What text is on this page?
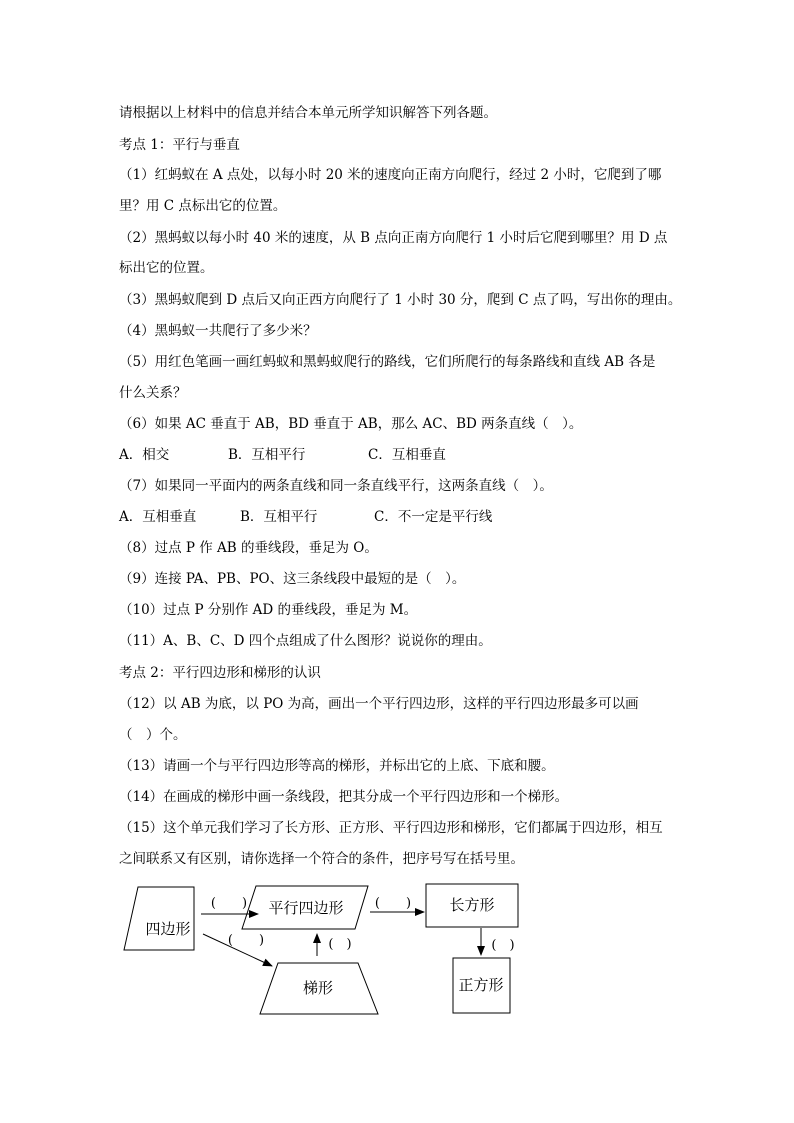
请根据以上材料中的信息并结合本单元所学知识解答下列各题。
考点 1：平行与垂直
（1）红蚂蚁在 A 点处，以每小时 20 米的速度向正南方向爬行，经过 2 小时，它爬到了哪
里？用 C 点标出它的位置。
（2）黑蚂蚁以每小时 40 米的速度，从 B 点向正南方向爬行 1 小时后它爬到哪里？用 D 点
标出它的位置。
（3）黑蚂蚁爬到 D 点后又向正西方向爬行了 1 小时 30 分，爬到 C 点了吗，写出你的理由。
（4）黑蚂蚁一共爬行了多少米？
（5）用红色笔画一画红蚂蚁和黑蚂蚁爬行的路线，它们所爬行的每条路线和直线 AB 各是
什么关系？
（6）如果 AC 垂直于 AB，BD 垂直于 AB，那么 AC、BD 两条直线（　）。
A．相交	B．互相平行	C．互相垂直
（7）如果同一平面内的两条直线和同一条直线平行，这两条直线（　）。
A．互相垂直	B．互相平行	C．不一定是平行线
（8）过点 P 作 AB 的垂线段，垂足为 O。
（9）连接 PA、PB、PO、这三条线段中最短的是（　）。
（10）过点 P 分别作 AD 的垂线段，垂足为 M。
（11）A、B、C、D 四个点组成了什么图形？说说你的理由。
考点 2：平行四边形和梯形的认识
（12）以 AB 为底，以 PO 为高，画出一个平行四边形，这样的平行四边形最多可以画
（　）个。
（13）请画一个与平行四边形等高的梯形，并标出它的上底、下底和腰。
（14）在画成的梯形中画一条线段，把其分成一个平行四边形和一个梯形。
（15）这个单元我们学习了长方形、正方形、平行四边形和梯形，它们都属于四边形，相互
之间联系又有区别，请你选择一个符合的条件，把序号写在括号里。
四边形
平行四边形	长方形
梯形	正方形
(　　)
(　　)	(　)
(　　)
(　)
